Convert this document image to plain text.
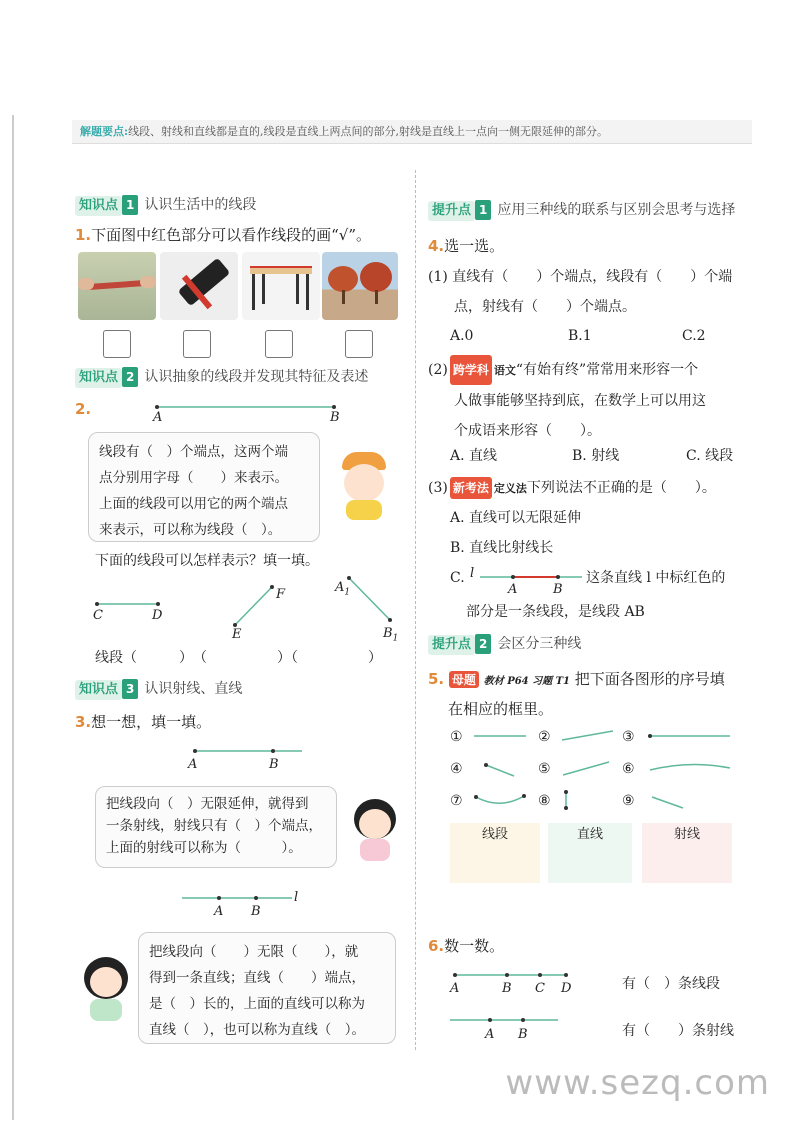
解题要点:线段、射线和直线都是直的,线段是直线上两点间的部分,射线是直线上一点向一侧无限延伸的部分。
知识点 1 认识生活中的线段
1.下面图中红色部分可以看作线段的画“√”。
知识点 2 认识抽象的线段并发现其特征及表述
2.	A	B
线段有（　）个端点，这两个端
点分别用字母（　　）来表示。
上面的线段可以用它的两个端点
来表示，可以称为线段（　）。
下面的线段可以怎样表示？填一填。
C	D
E
F	$A_1$
$B_1$
线段（　　　）　（　　　　　）（　　　　　）
知识点 3 认识射线、直线
3.想一想，填一填。
A	B
把线段向（　）无限延伸，就得到
一条射线，射线只有（　）个端点，
上面的射线可以称为（　　　）。
A B
l
把线段向（　　）无限（　　），就
得到一条直线；直线（　　）端点，
是（　）长的，上面的直线可以称为
直线（　），也可以称为直线（　）。
提升点 1 应用三种线的联系与区别会思考与选择
4.选一选。
(1) 直线有（　　）个端点，线段有（　　）个端
点，射线有（　　）个端点。
A.0	B.1	C.2
(2) 跨学科 语文“有始有终”常常用来形容一个
人做事能够坚持到底，在数学上可以用这
个成语来形容（　　）。
A. 直线	B. 射线	C. 线段
(3) 新考法 定义法下列说法不正确的是（　　）。
A. 直线可以无限延伸
B. 直线比射线长
C. l
A	B
这条直线 l 中标红色的
部分是一条线段，是线段 AB
提升点 2 会区分三种线
5. 母题 教材 P64 习题 T1 把下面各图形的序号填
在相应的框里。
①	②	③
④	⑤	⑥
⑦	⑧	⑨
线段	直线	射线
6.数一数。
A	B C D	有（　）条线段
A B	有（　　）条射线
www.sezq.com
